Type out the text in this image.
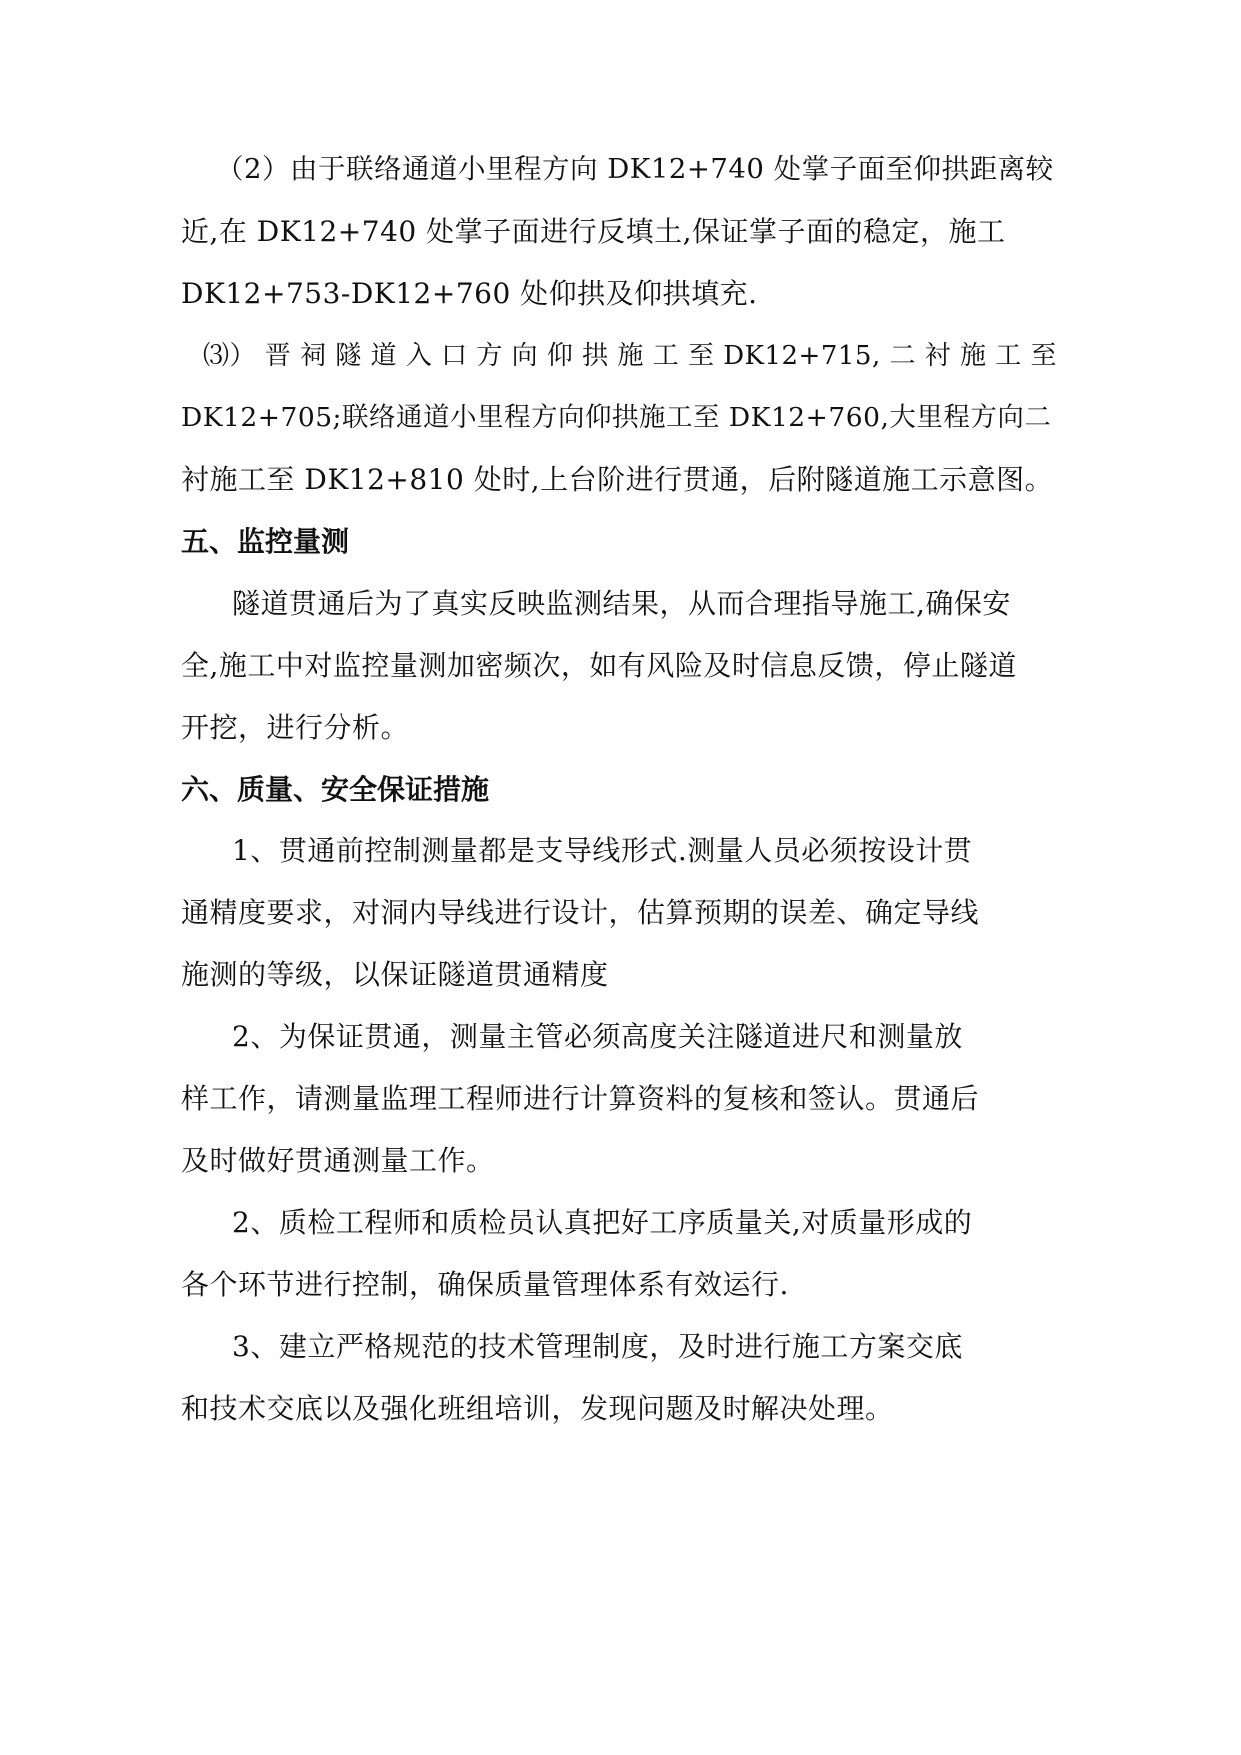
（2）由于联络通道小里程方向 DK12+740 处掌子面至仰拱距离较
近,在 DK12+740 处掌子面进行反填土,保证掌子面的稳定，施工
DK12+753-DK12+760 处仰拱及仰拱填充.
⑶） 晋 祠 隧 道 入 口 方 向 仰 拱 施 工 至 DK12+715, 二 衬 施 工 至
DK12+705;联络通道小里程方向仰拱施工至 DK12+760,大里程方向二
衬施工至 DK12+810 处时,上台阶进行贯通，后附隧道施工示意图。
五、监控量测
隧道贯通后为了真实反映监测结果，从而合理指导施工,确保安
全,施工中对监控量测加密频次，如有风险及时信息反馈，停止隧道
开挖，进行分析。
六、质量、安全保证措施
1、贯通前控制测量都是支导线形式.测量人员必须按设计贯
通精度要求，对洞内导线进行设计，估算预期的误差、确定导线
施测的等级，以保证隧道贯通精度
2、为保证贯通，测量主管必须高度关注隧道进尺和测量放
样工作，请测量监理工程师进行计算资料的复核和签认。贯通后
及时做好贯通测量工作。
2、质检工程师和质检员认真把好工序质量关,对质量形成的
各个环节进行控制，确保质量管理体系有效运行.
3、建立严格规范的技术管理制度，及时进行施工方案交底
和技术交底以及强化班组培训，发现问题及时解决处理。
